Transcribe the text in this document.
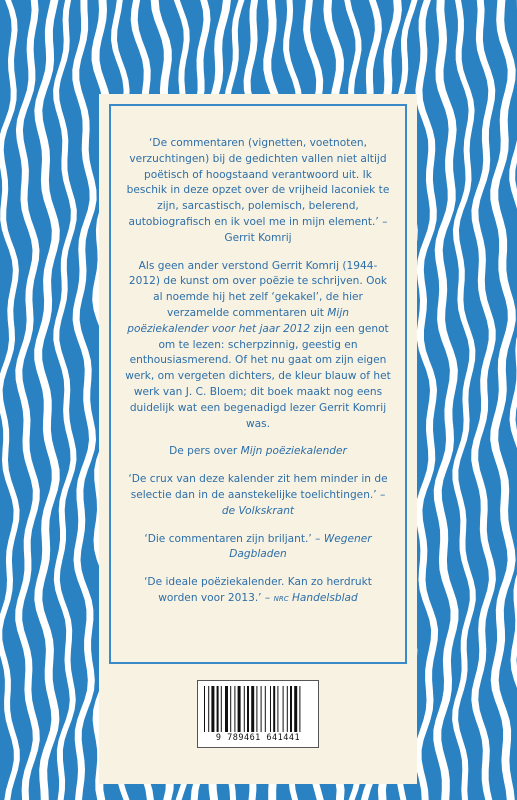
‘De commentaren (vignetten, voetnoten, verzuchtingen) bij de gedichten vallen niet altijd poëtisch of hoogstaand verantwoord uit. Ik beschik in deze opzet over de vrijheid laconiek te zijn, sarcastisch, polemisch, belerend, autobiografisch en ik voel me in mijn element.’ – Gerrit Komrij

Als geen ander verstond Gerrit Komrij (1944-2012) de kunst om over poëzie te schrijven. Ook al noemde hij het zelf ‘gekakel’, de hier verzamelde commentaren uit Mijn poëziekalender voor het jaar 2012 zijn een genot om te lezen: scherpzinnig, geestig en enthousiasmerend. Of het nu gaat om zijn eigen werk, om vergeten dichters, de kleur blauw of het werk van J. C. Bloem; dit boek maakt nog eens duidelijk wat een begenadigd lezer Gerrit Komrij was.

De pers over Mijn poëziekalender

‘De crux van deze kalender zit hem minder in de selectie dan in de aanstekelijke toelichtingen.’ – de Volkskrant

‘Die commentaren zijn briljant.’ – Wegener Dagbladen

‘De ideale poëziekalender. Kan zo herdrukt worden voor 2013.’ – nrc Handelsblad

9 789461 641441
